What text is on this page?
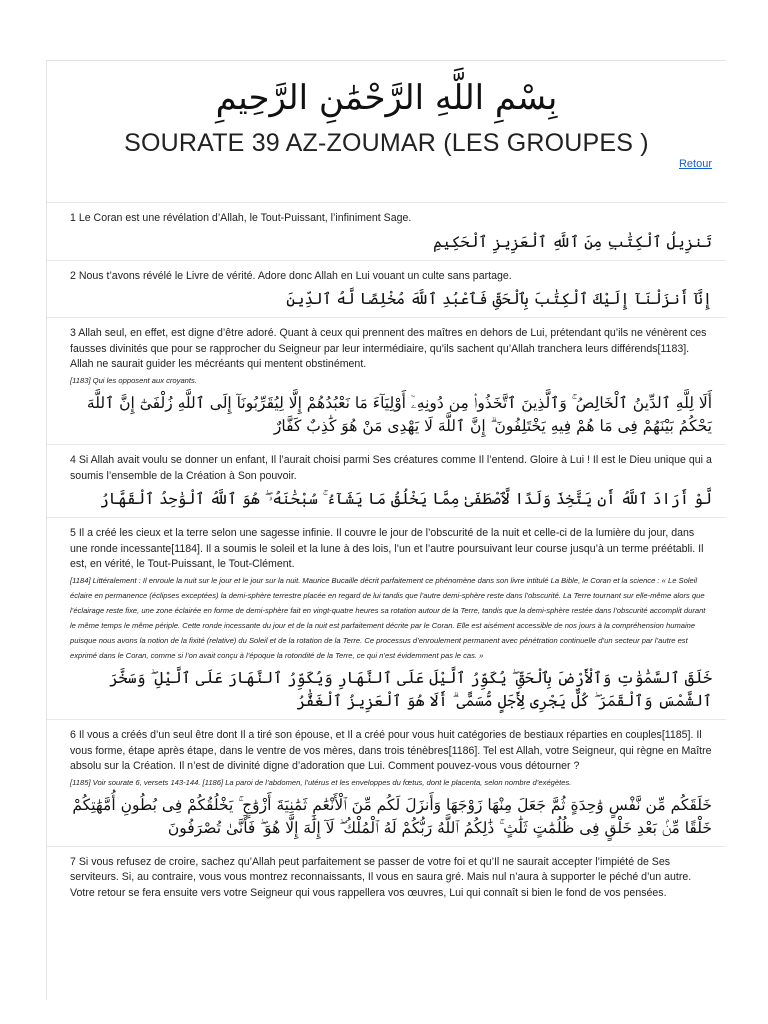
بِسْمِ اللَّهِ الرَّحْمَٰنِ الرَّحِيمِ
SOURATE 39 AZ-ZOUMAR (LES GROUPES )
Retour

1 Le Coran est une révélation d’Allah, le Tout-Puissant, l’infiniment Sage.

تَنزِيلُ ٱلْكِتَٰبِ مِنَ ٱللَّهِ ٱلْعَزِيزِ ٱلْحَكِيمِ

2 Nous t’avons révélé le Livre de vérité. Adore donc Allah en Lui vouant un culte sans partage.

إِنَّآ أَنزَلْنَآ إِلَيْكَ ٱلْكِتَٰبَ بِٱلْحَقِّ فَٱعْبُدِ ٱللَّهَ مُخْلِصًا لَّهُ ٱلدِّينَ

3 Allah seul, en effet, est digne d’être adoré. Quant à ceux qui prennent des maîtres en dehors de Lui, prétendant qu’ils ne vénèrent ces fausses divinités que pour se rapprocher du Seigneur par leur intermédiaire, qu’ils sachent qu’Allah tranchera leurs différends[1183]. Allah ne saurait guider les mécréants qui mentent obstinément.

[1183] Qui les opposent aux croyants.

أَلَا لِلَّهِ ٱلدِّينُ ٱلْخَالِصُ ۚ وَٱلَّذِينَ ٱتَّخَذُوا۟ مِن دُونِهِۦٓ أَوْلِيَآءَ مَا نَعْبُدُهُمْ إِلَّا لِيُقَرِّبُونَآ إِلَى ٱللَّهِ زُلْفَىٰٓ إِنَّ ٱللَّهَ يَحْكُمُ بَيْنَهُمْ فِى مَا هُمْ فِيهِ يَخْتَلِفُونَ ۗ إِنَّ ٱللَّهَ لَا يَهْدِى مَنْ هُوَ كَٰذِبٌ كَفَّارٌ

4 Si Allah avait voulu se donner un enfant, Il l’aurait choisi parmi Ses créatures comme Il l’entend. Gloire à Lui ! Il est le Dieu unique qui a soumis l’ensemble de la Création à Son pouvoir.

لَّوْ أَرَادَ ٱللَّهُ أَن يَتَّخِذَ وَلَدًا لَّٱصْطَفَىٰ مِمَّا يَخْلُقُ مَا يَشَآءُ ۚ سُبْحَٰنَهُۥ ۖ هُوَ ٱللَّهُ ٱلْوَٰحِدُ ٱلْقَهَّارُ

5 Il a créé les cieux et la terre selon une sagesse infinie. Il couvre le jour de l’obscurité de la nuit et celle-ci de la lumière du jour, dans une ronde incessante[1184]. Il a soumis le soleil et la lune à des lois, l’un et l’autre poursuivant leur course jusqu’à un terme préétabli. Il est, en vérité, le Tout-Puissant, le Tout-Clément.

[1184] Littéralement : Il enroule la nuit sur le jour et le jour sur la nuit. Maurice Bucaille décrit parfaitement ce phénomène dans son livre intitulé La Bible, le Coran et la science : « Le Soleil éclaire en permanence (éclipses exceptées) la demi-sphère terrestre placée en regard de lui tandis que l’autre demi-sphère reste dans l’obscurité. La Terre tournant sur elle-même alors que l’éclairage reste fixe, une zone éclairée en forme de demi-sphère fait en vingt-quatre heures sa rotation autour de la Terre, tandis que la demi-sphère restée dans l’obscurité accomplit durant le même temps le même périple. Cette ronde incessante du jour et de la nuit est parfaitement décrite par le Coran. Elle est aisément accessible de nos jours à la compréhension humaine puisque nous avons la notion de la fixité (relative) du Soleil et de la rotation de la Terre. Ce processus d’enroulement permanent avec pénétration continuelle d’un secteur par l’autre est exprimé dans le Coran, comme si l’on avait conçu à l’époque la rotondité de la Terre, ce qui n’est évidemment pas le cas. »

خَلَقَ ٱلسَّمَٰوَٰتِ وَٱلْأَرْضَ بِٱلْحَقِّ ۖ يُكَوِّرُ ٱلَّيْلَ عَلَى ٱلنَّهَارِ وَيُكَوِّرُ ٱلنَّهَارَ عَلَى ٱلَّيْلِ ۖ وَسَخَّرَ ٱلشَّمْسَ وَٱلْقَمَرَ ۖ كُلٌّ يَجْرِى لِأَجَلٍ مُّسَمًّى ۗ أَلَا هُوَ ٱلْعَزِيزُ ٱلْغَفَّٰرُ

6 Il vous a créés d’un seul être dont Il a tiré son épouse, et Il a créé pour vous huit catégories de bestiaux réparties en couples[1185]. Il vous forme, étape après étape, dans le ventre de vos mères, dans trois ténèbres[1186]. Tel est Allah, votre Seigneur, qui règne en Maître absolu sur la Création. Il n’est de divinité digne d’adoration que Lui. Comment pouvez-vous vous détourner ?

[1185] Voir sourate 6, versets 143-144. [1186] La paroi de l’abdomen, l’utérus et les enveloppes du fœtus, dont le placenta, selon nombre d’exégètes.

خَلَقَكُم مِّن نَّفْسٍ وَٰحِدَةٍ ثُمَّ جَعَلَ مِنْهَا زَوْجَهَا وَأَنزَلَ لَكُم مِّنَ ٱلْأَنْعَٰمِ ثَمَٰنِيَةَ أَزْوَٰجٍ ۚ يَخْلُقُكُمْ فِى بُطُونِ أُمَّهَٰتِكُمْ خَلْقًا مِّنۢ بَعْدِ خَلْقٍ فِى ظُلُمَٰتٍ ثَلَٰثٍ ۚ ذَٰلِكُمُ ٱللَّهُ رَبُّكُمْ لَهُ ٱلْمُلْكُ ۖ لَآ إِلَٰهَ إِلَّا هُوَ ۖ فَأَنَّىٰ تُصْرَفُونَ

7 Si vous refusez de croire, sachez qu’Allah peut parfaitement se passer de votre foi et qu’Il ne saurait accepter l’impiété de Ses serviteurs. Si, au contraire, vous vous montrez reconnaissants, Il vous en saura gré. Mais nul n’aura à supporter le péché d’un autre. Votre retour se fera ensuite vers votre Seigneur qui vous rappellera vos œuvres, Lui qui connaît si bien le fond de vos pensées.
